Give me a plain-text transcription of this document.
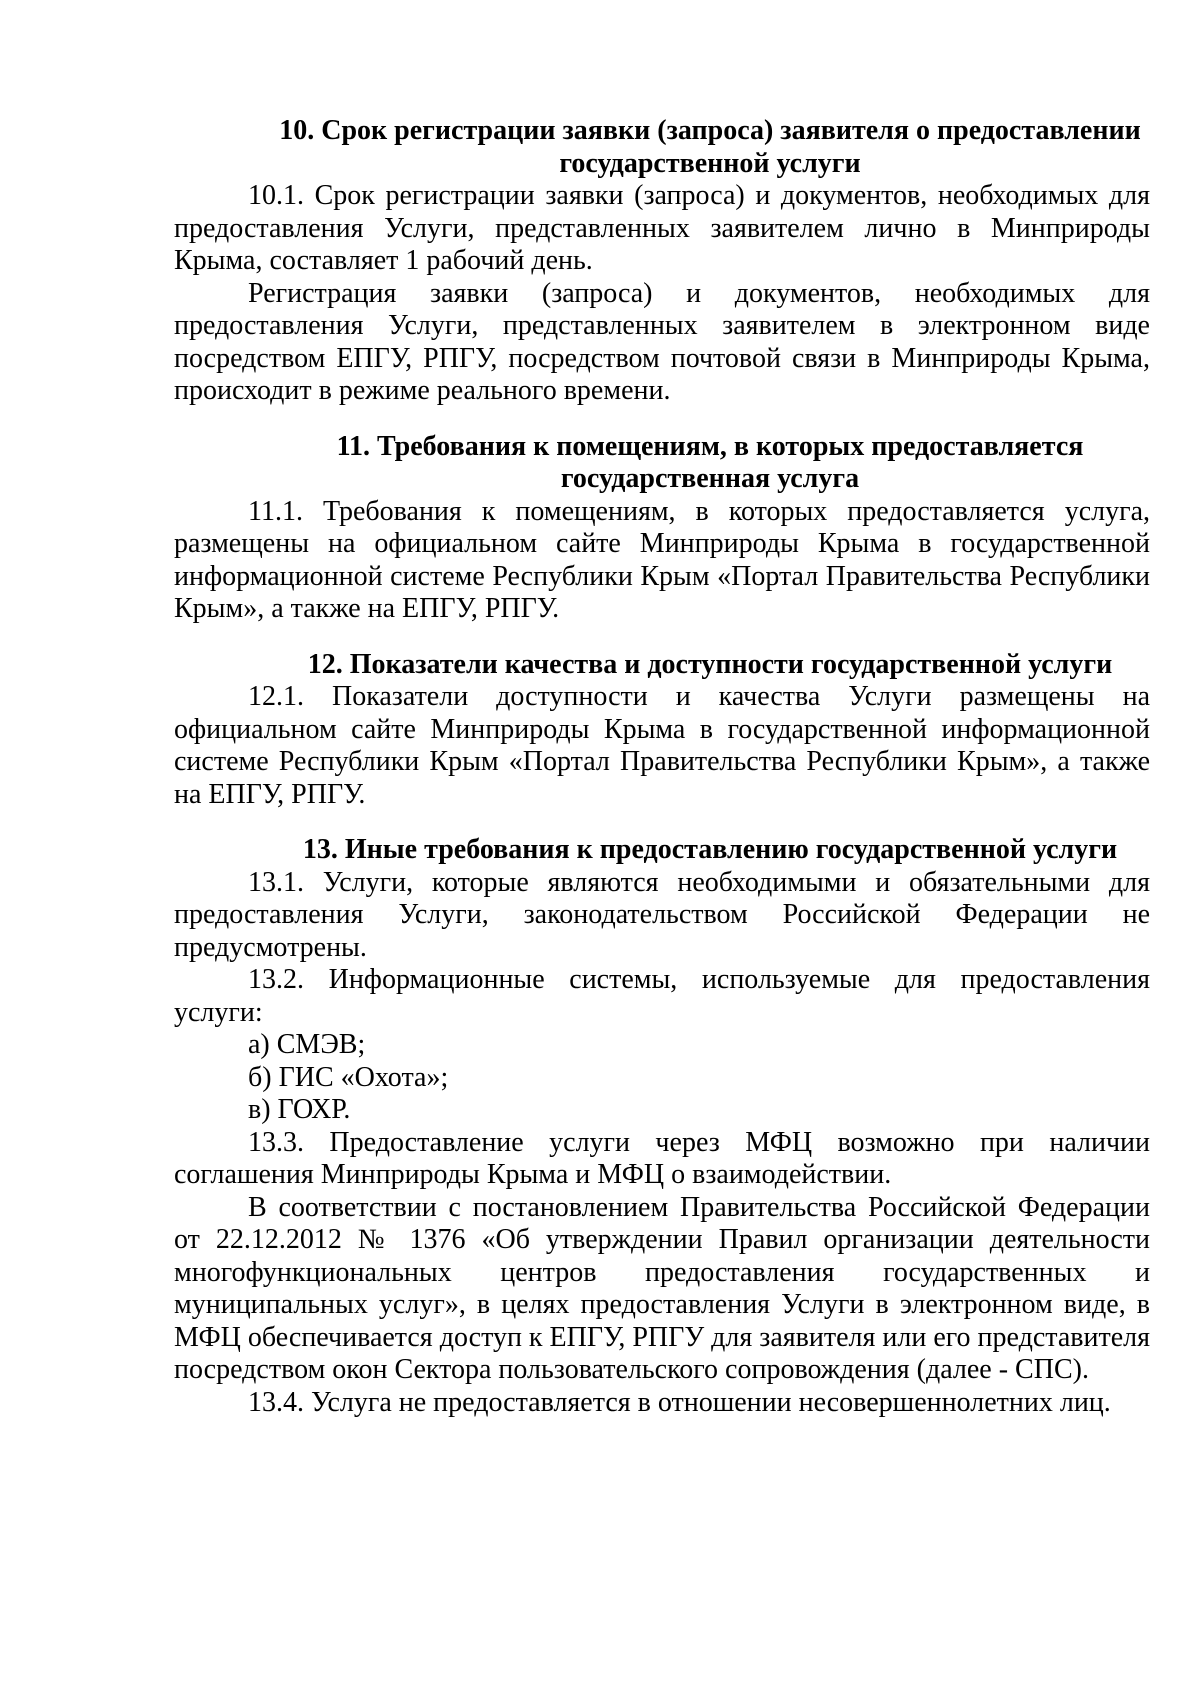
10. Срок регистрации заявки (запроса) заявителя о предоставлении государственной услуги

10.1. Срок регистрации заявки (запроса) и документов, необходимых для предоставления Услуги, представленных заявителем лично в Минприроды Крыма, составляет 1 рабочий день.

Регистрация заявки (запроса) и документов, необходимых для предоставления Услуги, представленных заявителем в электронном виде посредством ЕПГУ, РПГУ, посредством почтовой связи в Минприроды Крыма, происходит в режиме реального времени.

11. Требования к помещениям, в которых предоставляется государственная услуга

11.1. Требования к помещениям, в которых предоставляется услуга, размещены на официальном сайте Минприроды Крыма в государственной информационной системе Республики Крым «Портал Правительства Республики Крым», а также на ЕПГУ, РПГУ.

12. Показатели качества и доступности государственной услуги

12.1. Показатели доступности и качества Услуги размещены на официальном сайте Минприроды Крыма в государственной информационной системе Республики Крым «Портал Правительства Республики Крым», а также на ЕПГУ, РПГУ.

13. Иные требования к предоставлению государственной услуги

13.1. Услуги, которые являются необходимыми и обязательными для предоставления Услуги, законодательством Российской Федерации не предусмотрены.

13.2. Информационные системы, используемые для предоставления услуги:

а) СМЭВ;

б) ГИС «Охота»;

в) ГОХР.

13.3. Предоставление услуги через МФЦ возможно при наличии соглашения Минприроды Крыма и МФЦ о взаимодействии.

В соответствии с постановлением Правительства Российской Федерации от 22.12.2012 № 1376 «Об утверждении Правил организации деятельности многофункциональных центров предоставления государственных и муниципальных услуг», в целях предоставления Услуги в электронном виде, в МФЦ обеспечивается доступ к ЕПГУ, РПГУ для заявителя или его представителя посредством окон Сектора пользовательского сопровождения (далее - СПС).

13.4. Услуга не предоставляется в отношении несовершеннолетних лиц.
